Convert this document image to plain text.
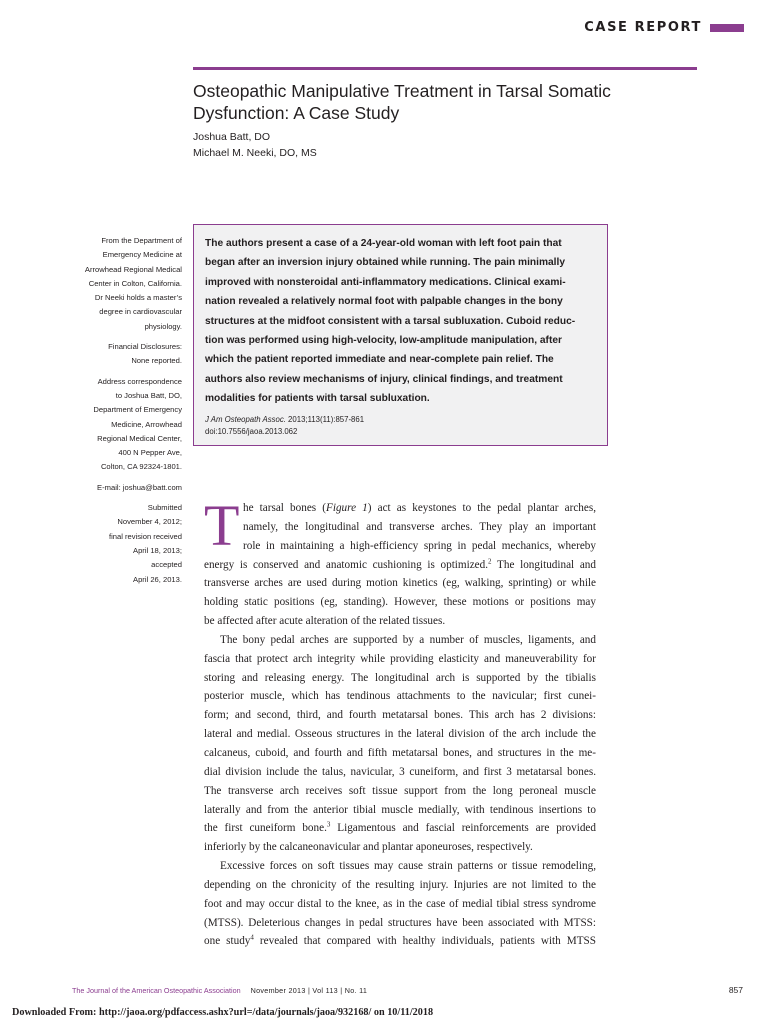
CASE REPORT
Osteopathic Manipulative Treatment in Tarsal Somatic
Dysfunction: A Case Study
Joshua Batt, DO
Michael M. Neeki, DO, MS

From the Department of
Emergency Medicine at
Arrowhead Regional Medical
Center in Colton, California.
Dr Neeki holds a master’s
degree in cardiovascular
physiology.

Financial Disclosures:
None reported.

Address correspondence
to Joshua Batt, DO,
Department of Emergency
Medicine, Arrowhead
Regional Medical Center,
400 N Pepper Ave,
Colton, CA 92324-1801.

E-mail: joshua@batt.com

Submitted
November 4, 2012;
final revision received
April 18, 2013;
accepted
April 26, 2013.

The authors present a case of a 24-year-old woman with left foot pain that
began after an inversion injury obtained while running. The pain minimally
improved with nonsteroidal anti-inflammatory medications. Clinical exami-
nation revealed a relatively normal foot with palpable changes in the bony
structures at the midfoot consistent with a tarsal subluxation. Cuboid reduc-
tion was performed using high-velocity, low-amplitude manipulation, after
which the patient reported immediate and near-complete pain relief. The
authors also review mechanisms of injury, clinical findings, and treatment
modalities for patients with tarsal subluxation.
J Am Osteopath Assoc. 2013;113(11):857-861
doi:10.7556/jaoa.2013.062
T he tarsal bones (Figure 1) act as keystones to the pedal plantar arches,
namely, the longitudinal and transverse arches. They play an important
role in maintaining a high-efficiency spring in pedal mechanics, whereby
energy is conserved and anatomic cushioning is optimized.$^2$ The longitudinal and
transverse arches are used during motion kinetics (eg, walking, sprinting) or while
holding static positions (eg, standing). However, these motions or positions may
be affected after acute alteration of the related tissues.
The bony pedal arches are supported by a number of muscles, ligaments, and
fascia that protect arch integrity while providing elasticity and maneuverability for
storing and releasing energy. The longitudinal arch is supported by the tibialis
posterior muscle, which has tendinous attachments to the navicular; first cunei-
form; and second, third, and fourth metatarsal bones. This arch has 2 divisions:
lateral and medial. Osseous structures in the lateral division of the arch include the
calcaneus, cuboid, and fourth and fifth metatarsal bones, and structures in the me-
dial division include the talus, navicular, 3 cuneiform, and first 3 metatarsal bones.
The transverse arch receives soft tissue support from the long peroneal muscle
laterally and from the anterior tibial muscle medially, with tendinous insertions to
the first cuneiform bone.$^3$ Ligamentous and fascial reinforcements are provided
inferiorly by the calcaneonavicular and plantar aponeuroses, respectively.
Excessive forces on soft tissues may cause strain patterns or tissue remodeling,
depending on the chronicity of the resulting injury. Injuries are not limited to the
foot and may occur distal to the knee, as in the case of medial tibial stress syndrome
(MTSS). Deleterious changes in pedal structures have been associated with MTSS:
one study$^4$ revealed that compared with healthy individuals, patients with MTSS
The Journal of the American Osteopathic Association November 2013 | Vol 113 | No. 11	857
Downloaded From: http://jaoa.org/pdfaccess.ashx?url=/data/journals/jaoa/932168/ on 10/11/2018
